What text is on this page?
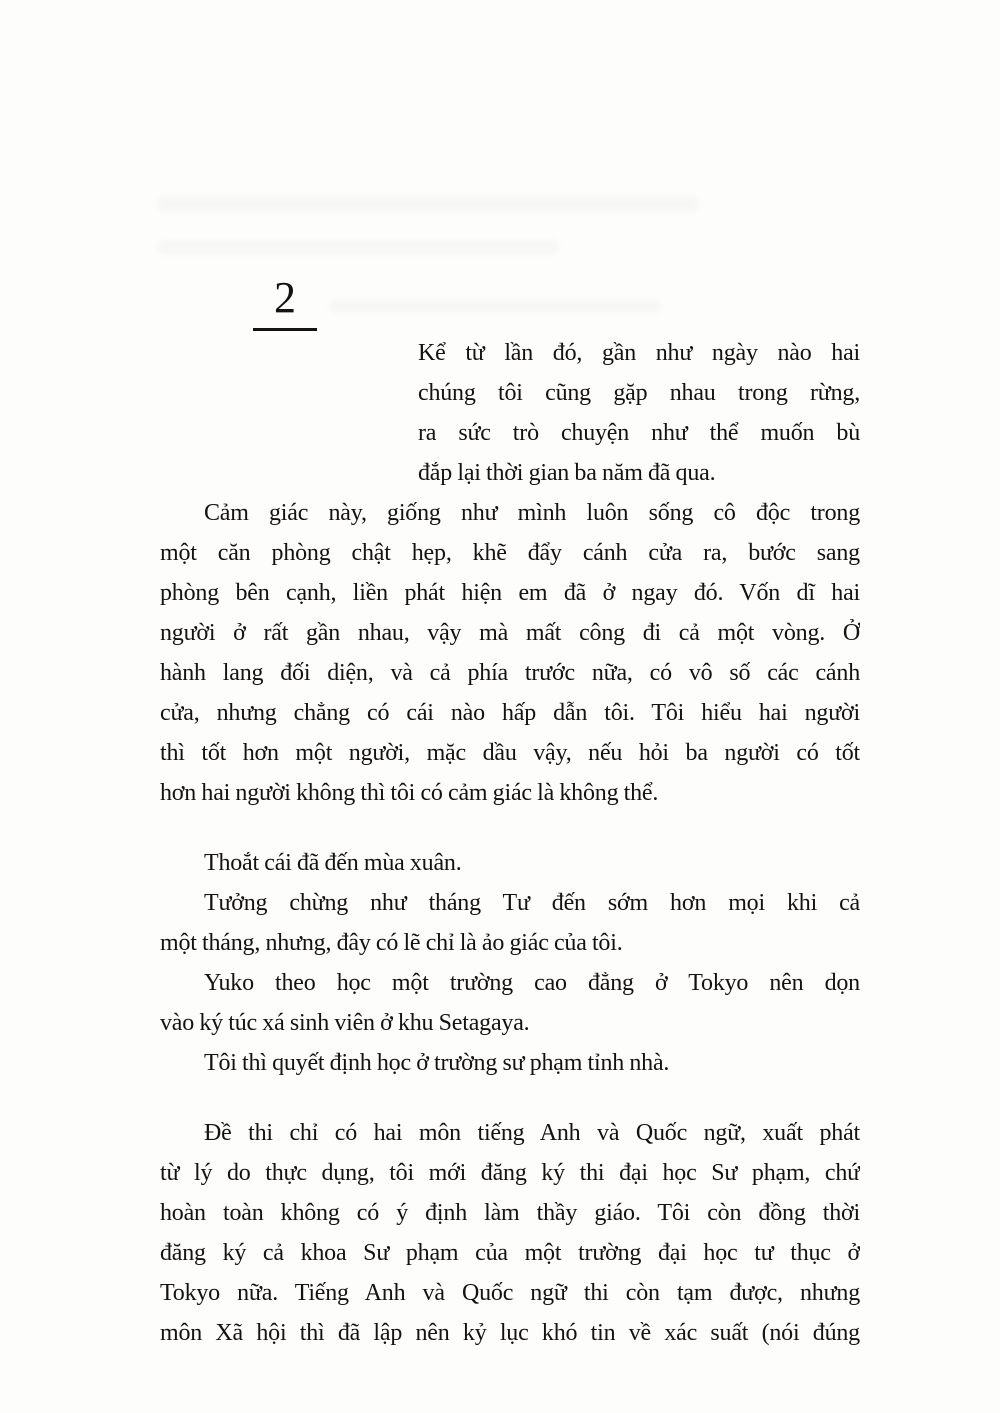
2
Kể từ lần đó, gần như ngày nào hai
chúng tôi cũng gặp nhau trong rừng,
ra sức trò chuyện như thể muốn bù
đắp lại thời gian ba năm đã qua.
Cảm giác này, giống như mình luôn sống cô độc trong
một căn phòng chật hẹp, khẽ đẩy cánh cửa ra, bước sang
phòng bên cạnh, liền phát hiện em đã ở ngay đó. Vốn dĩ hai
người ở rất gần nhau, vậy mà mất công đi cả một vòng. Ở
hành lang đối diện, và cả phía trước nữa, có vô số các cánh
cửa, nhưng chẳng có cái nào hấp dẫn tôi. Tôi hiểu hai người
thì tốt hơn một người, mặc dầu vậy, nếu hỏi ba người có tốt
hơn hai người không thì tôi có cảm giác là không thể.
Thoắt cái đã đến mùa xuân.
Tưởng chừng như tháng Tư đến sớm hơn mọi khi cả
một tháng, nhưng, đây có lẽ chỉ là ảo giác của tôi.
Yuko theo học một trường cao đẳng ở Tokyo nên dọn
vào ký túc xá sinh viên ở khu Setagaya.
Tôi thì quyết định học ở trường sư phạm tỉnh nhà.
Đề thi chỉ có hai môn tiếng Anh và Quốc ngữ, xuất phát
từ lý do thực dụng, tôi mới đăng ký thi đại học Sư phạm, chứ
hoàn toàn không có ý định làm thầy giáo. Tôi còn đồng thời
đăng ký cả khoa Sư phạm của một trường đại học tư thục ở
Tokyo nữa. Tiếng Anh và Quốc ngữ thi còn tạm được, nhưng
môn Xã hội thì đã lập nên kỷ lục khó tin về xác suất (nói đúng
